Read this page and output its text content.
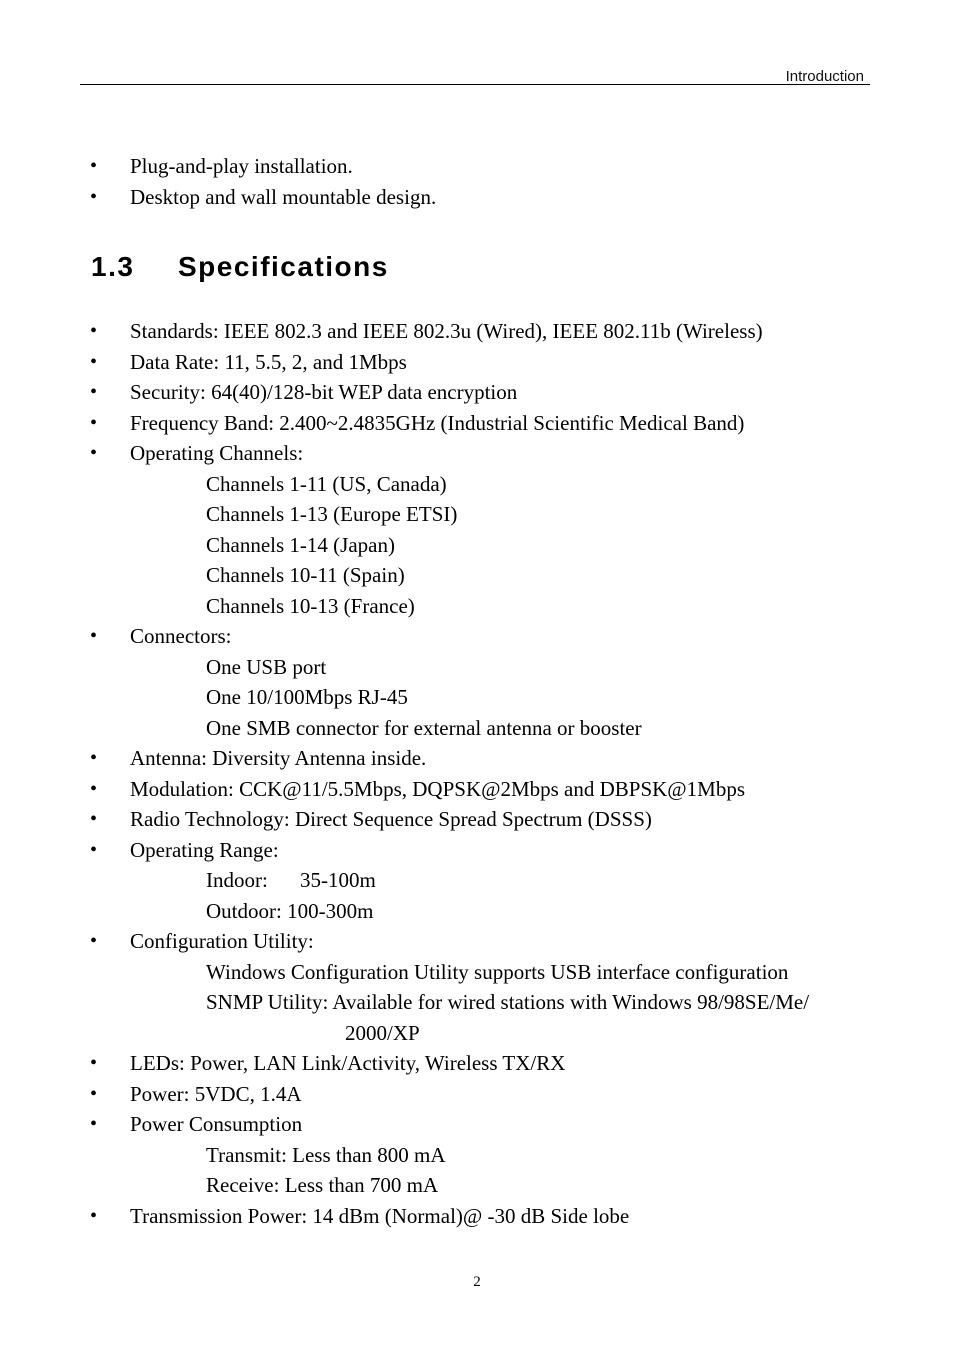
Introduction
• Plug-and-play installation.
• Desktop and wall mountable design.
1.3 Specifications
• Standards: IEEE 802.3 and IEEE 802.3u (Wired), IEEE 802.11b (Wireless)
• Data Rate: 11, 5.5, 2, and 1Mbps
• Security: 64(40)/128-bit WEP data encryption
• Frequency Band: 2.400~2.4835GHz (Industrial Scientific Medical Band)
• Operating Channels:
Channels 1-11 (US, Canada)
Channels 1-13 (Europe ETSI)
Channels 1-14 (Japan)
Channels 10-11 (Spain)
Channels 10-13 (France)
• Connectors:
One USB port
One 10/100Mbps RJ-45
One SMB connector for external antenna or booster
• Antenna: Diversity Antenna inside.
• Modulation: CCK@11/5.5Mbps, DQPSK@2Mbps and DBPSK@1Mbps
• Radio Technology: Direct Sequence Spread Spectrum (DSSS)
• Operating Range:
Indoor: 35-100m
Outdoor: 100-300m
• Configuration Utility:
Windows Configuration Utility supports USB interface configuration
SNMP Utility: Available for wired stations with Windows 98/98SE/Me/
2000/XP
• LEDs: Power, LAN Link/Activity, Wireless TX/RX
• Power: 5VDC, 1.4A
• Power Consumption
Transmit: Less than 800 mA
Receive: Less than 700 mA
• Transmission Power: 14 dBm (Normal)@ -30 dB Side lobe
2
